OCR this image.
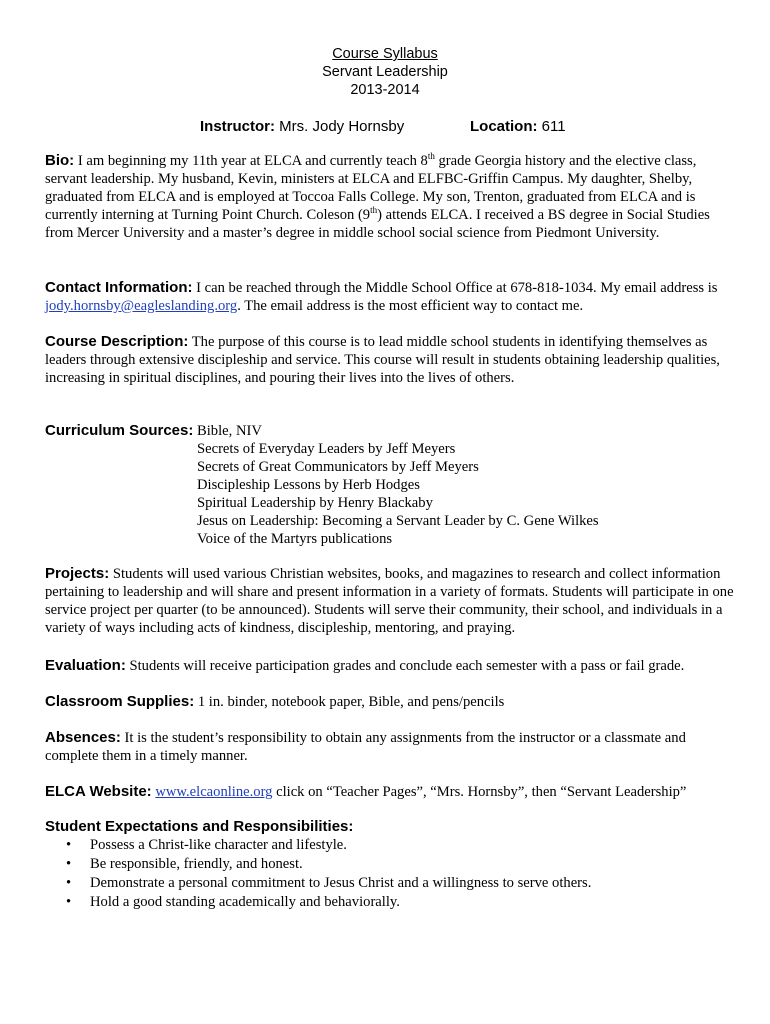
Course Syllabus
Servant Leadership
2013-2014
Instructor: Mrs. Jody Hornsby	Location: 611
Bio: I am beginning my 11th year at ELCA and currently teach 8th grade Georgia history and the elective class, servant leadership. My husband, Kevin, ministers at ELCA and ELFBC-Griffin Campus. My daughter, Shelby, graduated from ELCA and is employed at Toccoa Falls College. My son, Trenton, graduated from ELCA and is currently interning at Turning Point Church. Coleson (9th) attends ELCA. I received a BS degree in Social Studies from Mercer University and a master’s degree in middle school social science from Piedmont University.
Contact Information: I can be reached through the Middle School Office at 678-818-1034. My email address is jody.hornsby@eagleslanding.org. The email address is the most efficient way to contact me.
Course Description: The purpose of this course is to lead middle school students in identifying themselves as leaders through extensive discipleship and service. This course will result in students obtaining leadership qualities, increasing in spiritual disciplines, and pouring their lives into the lives of others.
Curriculum Sources: Bible, NIV
Secrets of Everyday Leaders by Jeff Meyers
Secrets of Great Communicators by Jeff Meyers
Discipleship Lessons by Herb Hodges
Spiritual Leadership by Henry Blackaby
Jesus on Leadership: Becoming a Servant Leader by C. Gene Wilkes
Voice of the Martyrs publications
Projects: Students will used various Christian websites, books, and magazines to research and collect information pertaining to leadership and will share and present information in a variety of formats. Students will participate in one service project per quarter (to be announced). Students will serve their community, their school, and individuals in a variety of ways including acts of kindness, discipleship, mentoring, and praying.
Evaluation: Students will receive participation grades and conclude each semester with a pass or fail grade.
Classroom Supplies: 1 in. binder, notebook paper, Bible, and pens/pencils
Absences: It is the student’s responsibility to obtain any assignments from the instructor or a classmate and complete them in a timely manner.
ELCA Website: www.elcaonline.org click on “Teacher Pages”, “Mrs. Hornsby”, then “Servant Leadership”
Student Expectations and Responsibilities:
• Possess a Christ-like character and lifestyle.
• Be responsible, friendly, and honest.
• Demonstrate a personal commitment to Jesus Christ and a willingness to serve others.
• Hold a good standing academically and behaviorally.
